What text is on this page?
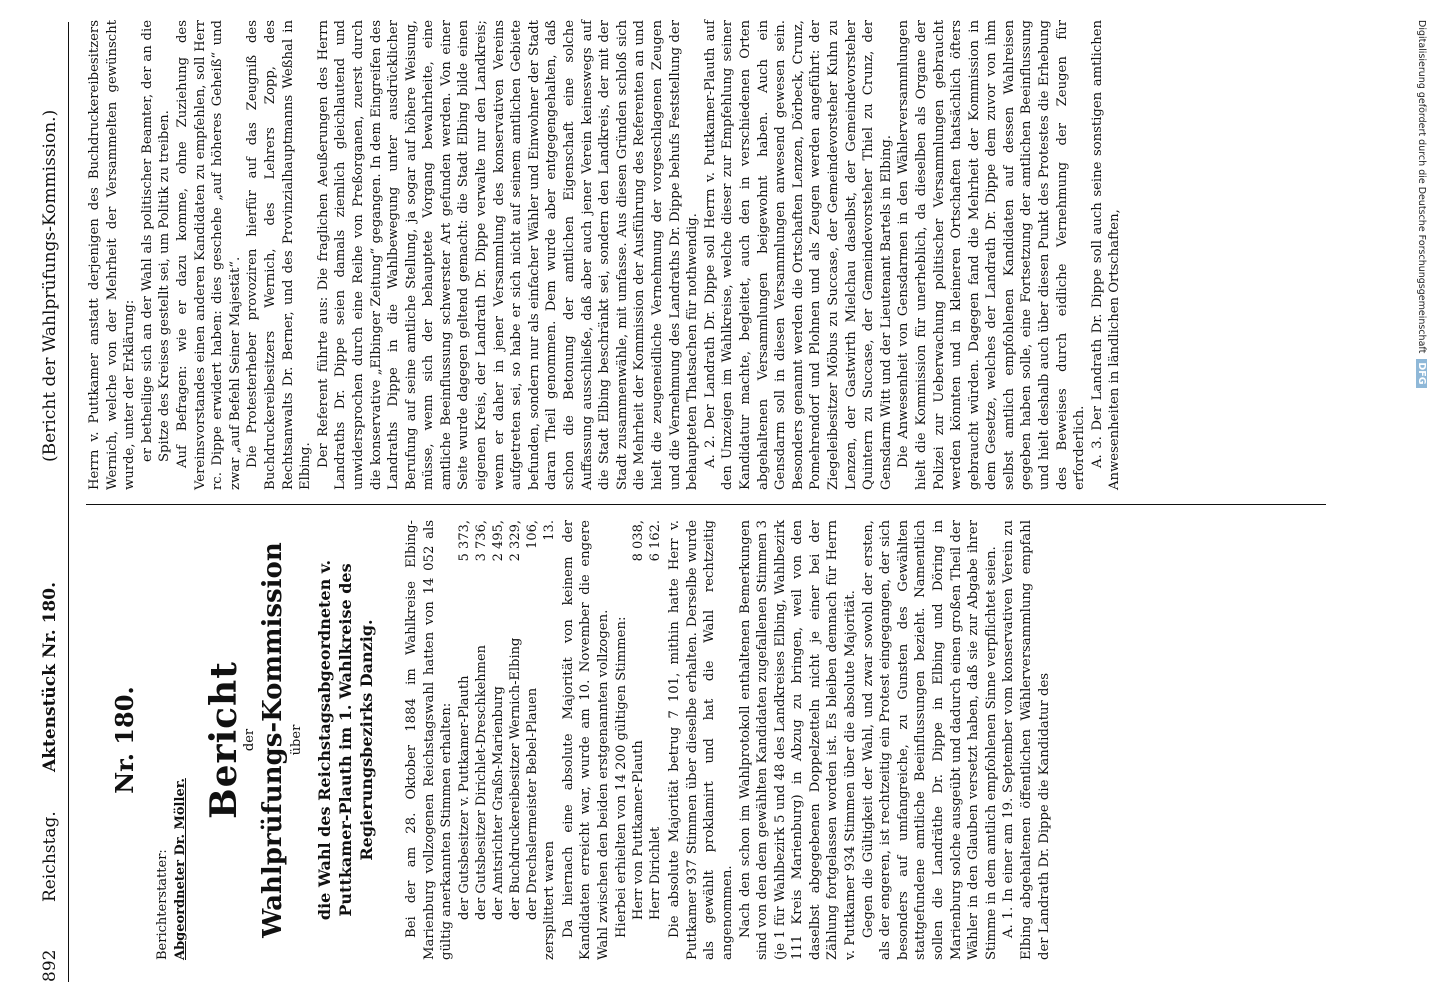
892
Reichstag.
Aktenstück Nr. 180.
(Bericht der Wahlprüfungs-Kommission.)
Nr. 180.
Berichterstatter: Abgeordneter Dr. Möller.
Bericht
der Wahlprüfungs-Kommission über die Wahl des Reichstagsabgeordneten v. Puttkamer-Plauth im 1. Wahlkreise des Regierungsbezirks Danzig. Bei der am 28. Oktober 1884 im Wahlkreise Elbing-Marienburg vollzogenen Reichstagswahl hatten von 14 052 als gültig anerkannten Stimmen erhalten: der Gutsbesitzer v. Puttkamer-Plauth	5 373,
der Gutsbesitzer Dirichlet-Dreschkehmen	3 736,
der Amtsrichter Graßn-Marienburg	2 495,
der Buchdruckereibesitzer Wernich-Elbing	2 329,
der Drechslermeister Bebel-Plauen	106,
zersplittert waren	13. Da hiernach eine absolute Majorität von keinem der Kandidaten erreicht war, wurde am 10. November die engere Wahl zwischen den beiden erstgenannten vollzogen. Hierbei erhielten von 14 200 gültigen Stimmen: Herr von Puttkamer-Plauth	8 038,
Herr Dirichlet	6 162. Die absolute Majorität betrug 7 101, mithin hatte Herr v. Puttkamer 937 Stimmen über dieselbe erhalten. Derselbe wurde als gewählt proklamirt und hat die Wahl rechtzeitig angenommen. Nach den schon im Wahlprotokoll enthaltenen Bemerkungen sind von den dem gewählten Kandidaten zugefallenen Stimmen 3 (je 1 für Wahlbezirk 5 und 48 des Landkreises Elbing, Wahlbezirk 111 Kreis Marienburg) in Abzug zu bringen, weil von den daselbst abgegebenen Doppelzetteln nicht je einer bei der Zählung fortgelassen worden ist. Es bleiben demnach für Herrn v. Puttkamer 934 Stimmen über die absolute Majorität. Gegen die Gültigkeit der Wahl, und zwar sowohl der ersten, als der engeren, ist rechtzeitig ein Protest eingegangen, der sich besonders auf umfangreiche, zu Gunsten des Gewählten stattgefundene amtliche Beeinflussungen bezieht. Namentlich sollen die Landräthe Dr. Dippe in Elbing und Döring in Marienburg solche ausgeübt und dadurch einen großen Theil der Wähler in den Glauben versetzt haben, daß sie zur Abgabe ihrer Stimme in dem amtlich empfohlenen Sinne verpflichtet seien. A. 1. In einer am 19. September vom konservativen Verein zu Elbing abgehaltenen öffentlichen Wählerversammlung empfahl der Landrath Dr. Dippe die Kandidatur des

Herrn v. Puttkamer anstatt derjenigen des Buchdruckereibesitzers Wernich, welche von der Mehrheit der Versammelten gewünscht wurde, unter der Erklärung: er betheilige sich an der Wahl als politischer Beamter, der an die Spitze des Kreises gestellt sei, um Politik zu treiben. Auf Befragen: wie er dazu komme, ohne Zuziehung des Vereinsvorstandes einen anderen Kandidaten zu empfehlen, soll Herr rc. Dippe erwidert haben: dies geschehe „auf höheres Geheiß“ und zwar „auf Befehl Seiner Majestät“. Die Protesterheber provoziren hierfür auf das Zeugniß des Buchdruckereibesitzers Wernich, des Lehrers Zopp, des Rechtsanwalts Dr. Berner, und des Provinzialhauptmanns Weßhal in Elbing. Der Referent führte aus: Die fraglichen Aeußerungen des Herrn Landraths Dr. Dippe seien damals ziemlich gleichlautend und unwidersprochen durch eine Reihe von Preßorganen, zuerst durch die konservative „Elbinger Zeitung“ gegangen. In dem Eingreifen des Landraths Dippe in die Wahlbewegung unter ausdrücklicher Berufung auf seine amtliche Stellung, ja sogar auf höhere Weisung, müsse, wenn sich der behauptete Vorgang bewahrheite, eine amtliche Beeinflussung schwerster Art gefunden werden. Von einer Seite wurde dagegen geltend gemacht: die Stadt Elbing bilde einen eigenen Kreis, der Landrath Dr. Dippe verwalte nur den Landkreis; wenn er daher in jener Versammlung des konservativen Vereins aufgetreten sei, so habe er sich nicht auf seinem amtlichen Gebiete befunden, sondern nur als einfacher Wähler und Einwohner der Stadt daran Theil genommen. Dem wurde aber entgegengehalten, daß schon die Betonung der amtlichen Eigenschaft eine solche Auffassung ausschließe, daß aber auch jener Verein keineswegs auf die Stadt Elbing beschränkt sei, sondern den Landkreis, der mit der Stadt zusammenwähle, mit umfasse. Aus diesen Gründen schloß sich die Mehrheit der Kommission der Ausführung des Referenten an und hielt die zeugeneidliche Vernehmung der vorgeschlagenen Zeugen und die Vernehmung des Landraths Dr. Dippe behufs Feststellung der behaupteten Thatsachen für nothwendig. A. 2. Der Landrath Dr. Dippe soll Herrn v. Puttkamer-Plauth auf den Umzeigen im Wahlkreise, welche dieser zur Empfehlung seiner Kandidatur machte, begleitet, auch den in verschiedenen Orten abgehaltenen Versammlungen beigewohnt haben. Auch ein Gensdarm soll in diesen Versammlungen anwesend gewesen sein. Besonders genannt werden die Ortschaften Lenzen, Dörbeck, Crunz, Pomehrendorf und Plohnen und als Zeugen werden angeführt: der Ziegeleibesitzer Möbus zu Succase, der Gemeindevorsteher Kuhn zu Lenzen, der Gastwirth Mielchau daselbst, der Gemeindevorsteher Quintern zu Succase, der Gemeindevorsteher Thiel zu Crunz, der Gensdarm Witt und der Lieutenant Bartels in Elbing. Die Anwesenheit von Gensdarmen in den Wählerversammlungen hielt die Kommission für unerheblich, da dieselben als Organe der Polizei zur Ueberwachung politischer Versammlungen gebraucht werden könnten und in kleineren Ortschaften thatsächlich öfters gebraucht würden. Dagegen fand die Mehrheit der Kommission in dem Gesetze, welches der Landrath Dr. Dippe dem zuvor von ihm selbst amtlich empfohlenen Kandidaten auf dessen Wahlreisen gegeben haben solle, eine Fortsetzung der amtlichen Beeinflussung und hielt deshalb auch über diesen Punkt des Protestes die Erhebung des Beweises durch eidliche Vernehmung der Zeugen für erforderlich. A. 3. Der Landrath Dr. Dippe soll auch seine sonstigen amtlichen Anwesenheiten in ländlichen Ortschaften,	Digitalisierung gefördert durch die Deutsche ForschungsgemeinschaftDFG
